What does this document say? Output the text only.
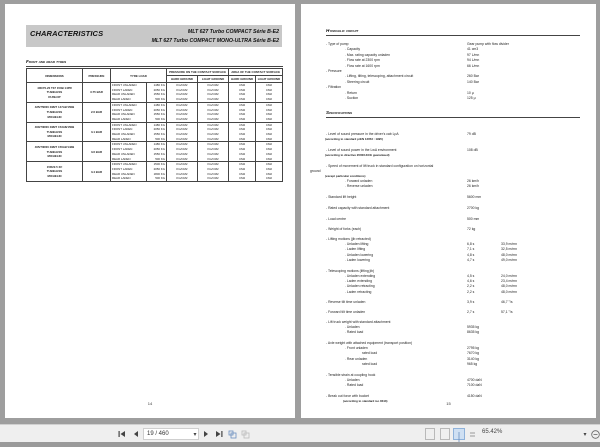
CHARACTERISTICS	MLT 627 Turbo COMPACT Série B-E2
MLT 627 Turbo COMPACT MONO-ULTRA Série B-E2
Front and rear tyres
DIMENSIONS	PRESSURE	TYRE LOAD		PRESSURE ON THE CONTACT SURFACE		AREA OF THE CONTACT SURFACE	
				HARD GROUND	LIGHT GROUND	HARD GROUND	LIGHT GROUND

400/70-20 T37 150B 14PR
TUBELESS
DUNLOP	3.75 BAR	FRONT UNLADEN	1480 KG	KG/CM2	KG/CM2	CM2	CM2
		FRONT LADEN	2050 KG	KG/CM2	KG/CM2	CM2	CM2
		REAR UNLADEN	1550 KG	KG/CM2	KG/CM2	CM2	CM2
		REAR LADEN	500 KG	KG/CM2	KG/CM2	CM2	CM2

425/75R20 XM27 147A2/150B
TUBELESS
MICHELIN	2.6 BAR	FRONT UNLADEN	1480 KG	KG/CM2	KG/CM2	CM2	CM2
		FRONT LADEN	2050 KG	KG/CM2	KG/CM2	CM2	CM2
		REAR UNLADEN	1550 KG	KG/CM2	KG/CM2	CM2	CM2
		REAR LADEN	500 KG	KG/CM2	KG/CM2	CM2	CM2

400/70R20 XM27 153A8/150B
TUBELESS
MICHELIN	3.1 BAR	FRONT UNLADEN	1480 KG	KG/CM2	KG/CM2	CM2	CM2
		FRONT LADEN	2050 KG	KG/CM2	KG/CM2	CM2	CM2
		REAR UNLADEN	1550 KG	KG/CM2	KG/CM2	CM2	CM2
		REAR LADEN	500 KG	KG/CM2	KG/CM2	CM2	CM2

405/70R20 XM27 156A2/142B
TUBELESS
MICHELIN	3.6 BAR	FRONT UNLADEN	1480 KG	KG/CM2	KG/CM2	CM2	CM2
		FRONT LADEN	2050 KG	KG/CM2	KG/CM2	CM2	CM2
		REAR UNLADEN	1550 KG	KG/CM2	KG/CM2	CM2	CM2
		REAR LADEN	500 KG	KG/CM2	KG/CM2	CM2	CM2

15R22.5 XF
TUBELESS
MICHELIN	3.4 BAR	FRONT UNLADEN	1500 KG	KG/CM2	KG/CM2	CM2	CM2
		FRONT LADEN	2050 KG	KG/CM2	KG/CM2	CM2	CM2
		REAR UNLADEN	1800 KG	KG/CM2	KG/CM2	CM2	CM2
		REAR LADEN	500 KG	KG/CM2	KG/CM2	CM2	CM2
14
Hydraulic circuit
- Type of pump	Gear pump with flow divider
. Capacity	41 cm3
. Max. rating capacity unladen	97 L/mn
. Flow rate at 2300 rpm	94 L/mn
. Flow rate at 1600 rpm	66 L/mn
- Pressure
. Lifting, tilting, telescoping, attachment circuit	260 Bar
. Steering circuit	140 Bar
- Filtration
. Return	10 µ
. Suction	125 µ
Specifications
- Level of sound pressure in the driver's cab LpA	79 dB
(according to standard prEN 12053 : 1995)
- Level of sound power in the LwA environment	108 dB
(according to directive 2000/14/CE guaranteed)
- Speed of movement of lift truck in standard configuration on horizontal
ground
(except particular conditions)
. Forward unladen	26 km/h
. Reverse unladen	26 km/h
- Standard lift height	5600 mm
- Rated capacity with standard attachment	2700 kg
- Load centre	500 mm
- Weight of forks (each)	72 kg
- Lifting motions (jib retracted)
. Unladen lifting	6,8 s	33,9 m/mn
. Laden lifting	7,1 s	32,5 m/mn
. Unladen lowering	4,8 s	48,0 m/mn
. Laden lowering	4,7 s	49,0 m/mn
- Telescoping motions (lifting jib)
. Unladen extending	4,5 s	24,0 m/mn
. Laden extending	4,6 s	23,4 m/mn
. Unladen retracting	2,2 s	48,0 m/mn
. Laden retracting	2,2 s	48,0 m/mn
- Reverse tilt time unladen	3,9 s	46,7 °/s
- Forward tilt time unladen	2,7 s	57,1 °/s
- Lift truck weight with standard attachment
. Unladen	5935 kg
. Rated load	8635 kg
- Axle weight with attached equipment (transport position)
. Front unladen	2795 kg
rated load	7670 kg
. Rear unladen	3140 kg
rated load	965 kg
- Tensible strain at coupling hook
. Unladen	4700 daN
. Rated load	7100 daN
- Break out force with bucket	4150 daN
(according to standard iso 8313)	15
19 / 460	▾	≣ 65.42%	▾
